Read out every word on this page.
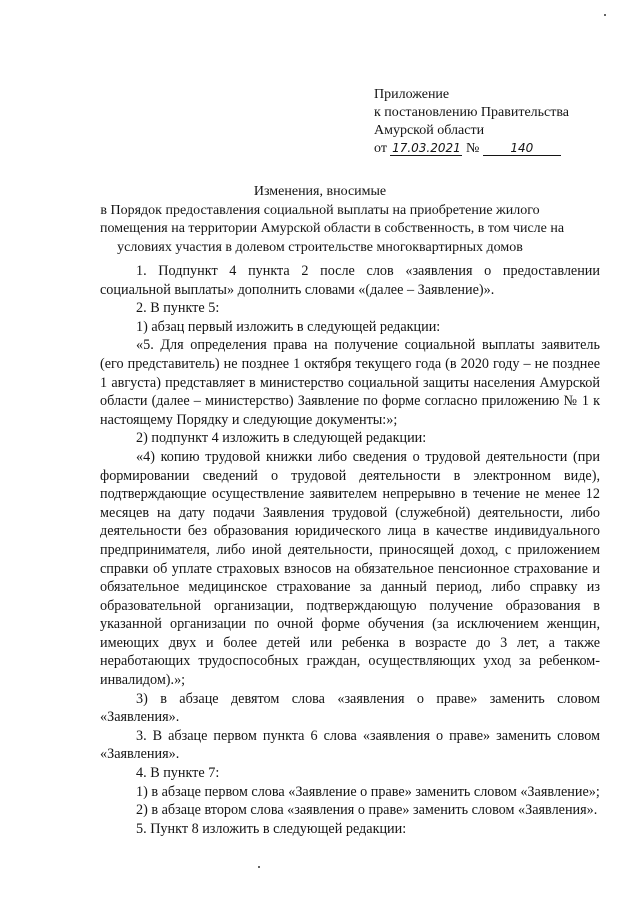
Приложение
к постановлению Правительства
Амурской области
от 17.03.2021 №	140
Изменения, вносимые
в Порядок предоставления социальной выплаты на приобретение жилого
помещения на территории Амурской области в собственность, в том числе на
условиях участия в долевом строительстве многоквартирных домов

1. Подпункт 4 пункта 2 после слов «заявления о предоставлении социальной выплаты» дополнить словами «(далее – Заявление)».

2. В пункте 5:

1) абзац первый изложить в следующей редакции:

«5. Для определения права на получение социальной выплаты заявитель (его представитель) не позднее 1 октября текущего года (в 2020 году – не позднее 1 августа) представляет в министерство социальной защиты населения Амурской области (далее – министерство) Заявление по форме согласно приложению № 1 к настоящему Порядку и следующие документы:»;

2) подпункт 4 изложить в следующей редакции:

«4) копию трудовой книжки либо сведения о трудовой деятельности (при формировании сведений о трудовой деятельности в электронном виде), подтверждающие осуществление заявителем непрерывно в течение не менее 12 месяцев на дату подачи Заявления трудовой (служебной) деятельности, либо деятельности без образования юридического лица в качестве индивидуального предпринимателя, либо иной деятельности, приносящей доход, с приложением справки об уплате страховых взносов на обязательное пенсионное страхование и обязательное медицинское страхование за данный период, либо справку из образовательной организации, подтверждающую получение образования в указанной организации по очной форме обучения (за исключением женщин, имеющих двух и более детей или ребенка в возрасте до 3 лет, а также неработающих трудоспособных граждан, осуществляющих уход за ребенком-инвалидом).»;

3) в абзаце девятом слова «заявления о праве» заменить словом «Заявления».

3. В абзаце первом пункта 6 слова «заявления о праве» заменить словом «Заявления».

4. В пункте 7:

1) в абзаце первом слова «Заявление о праве» заменить словом «Заявление»;

2) в абзаце втором слова «заявления о праве» заменить словом «Заявления».

5. Пункт 8 изложить в следующей редакции:
